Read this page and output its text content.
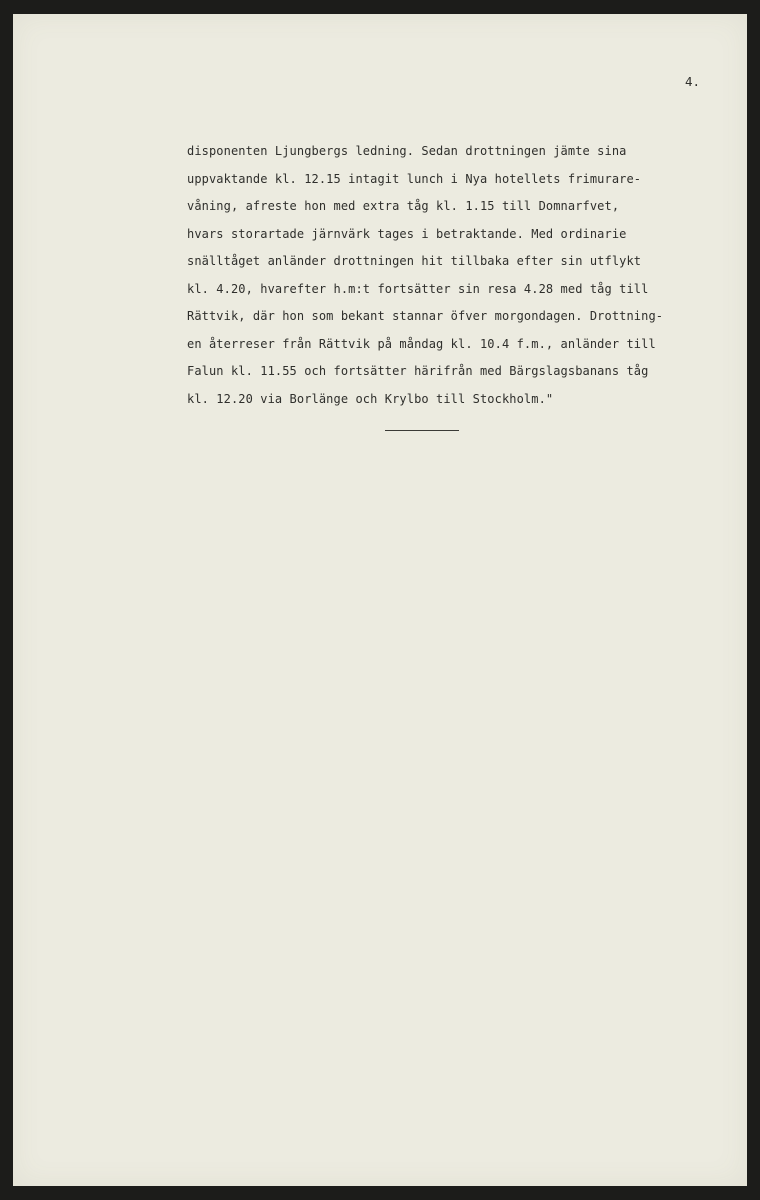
4.
disponenten Ljungbergs ledning. Sedan drottningen jämte sina
uppvaktande kl. 12.15 intagit lunch i Nya hotellets frimurare-
våning, afreste hon med extra tåg kl. 1.15 till Domnarfvet,
hvars storartade järnvärk tages i betraktande. Med ordinarie
snälltåget anländer drottningen hit tillbaka efter sin utflykt
kl. 4.20, hvarefter h.m:t fortsätter sin resa 4.28 med tåg till
Rättvik, där hon som bekant stannar öfver morgondagen. Drottning-
en återreser från Rättvik på måndag kl. 10.4 f.m., anländer till
Falun kl. 11.55 och fortsätter härifrån med Bärgslagsbanans tåg
kl. 12.20 via Borlänge och Krylbo till Stockholm."
